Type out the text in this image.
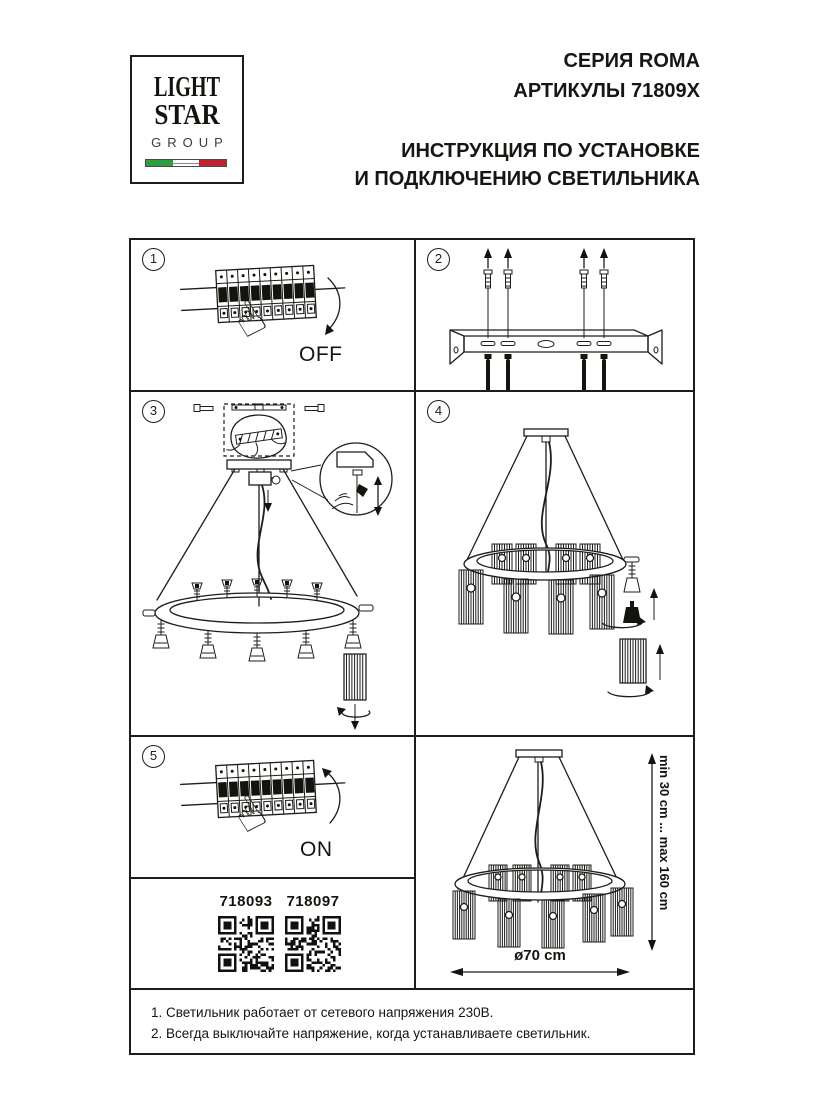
LIGHT
STAR
GROUP
СЕРИЯ ROMA
АРТИКУЛЫ 71809X
ИНСТРУКЦИЯ ПО УСТАНОВКЕ
И ПОДКЛЮЧЕНИЮ СВЕТИЛЬНИКА
1
☝
OFF
2
3	4
5
☝
ON
718093 718097	min 30 cm ... max 160 cm
ø70 cm
1. Светильник работает от сетевого напряжения 230В.
2. Всегда выключайте напряжение, когда устанавливаете светильник.
